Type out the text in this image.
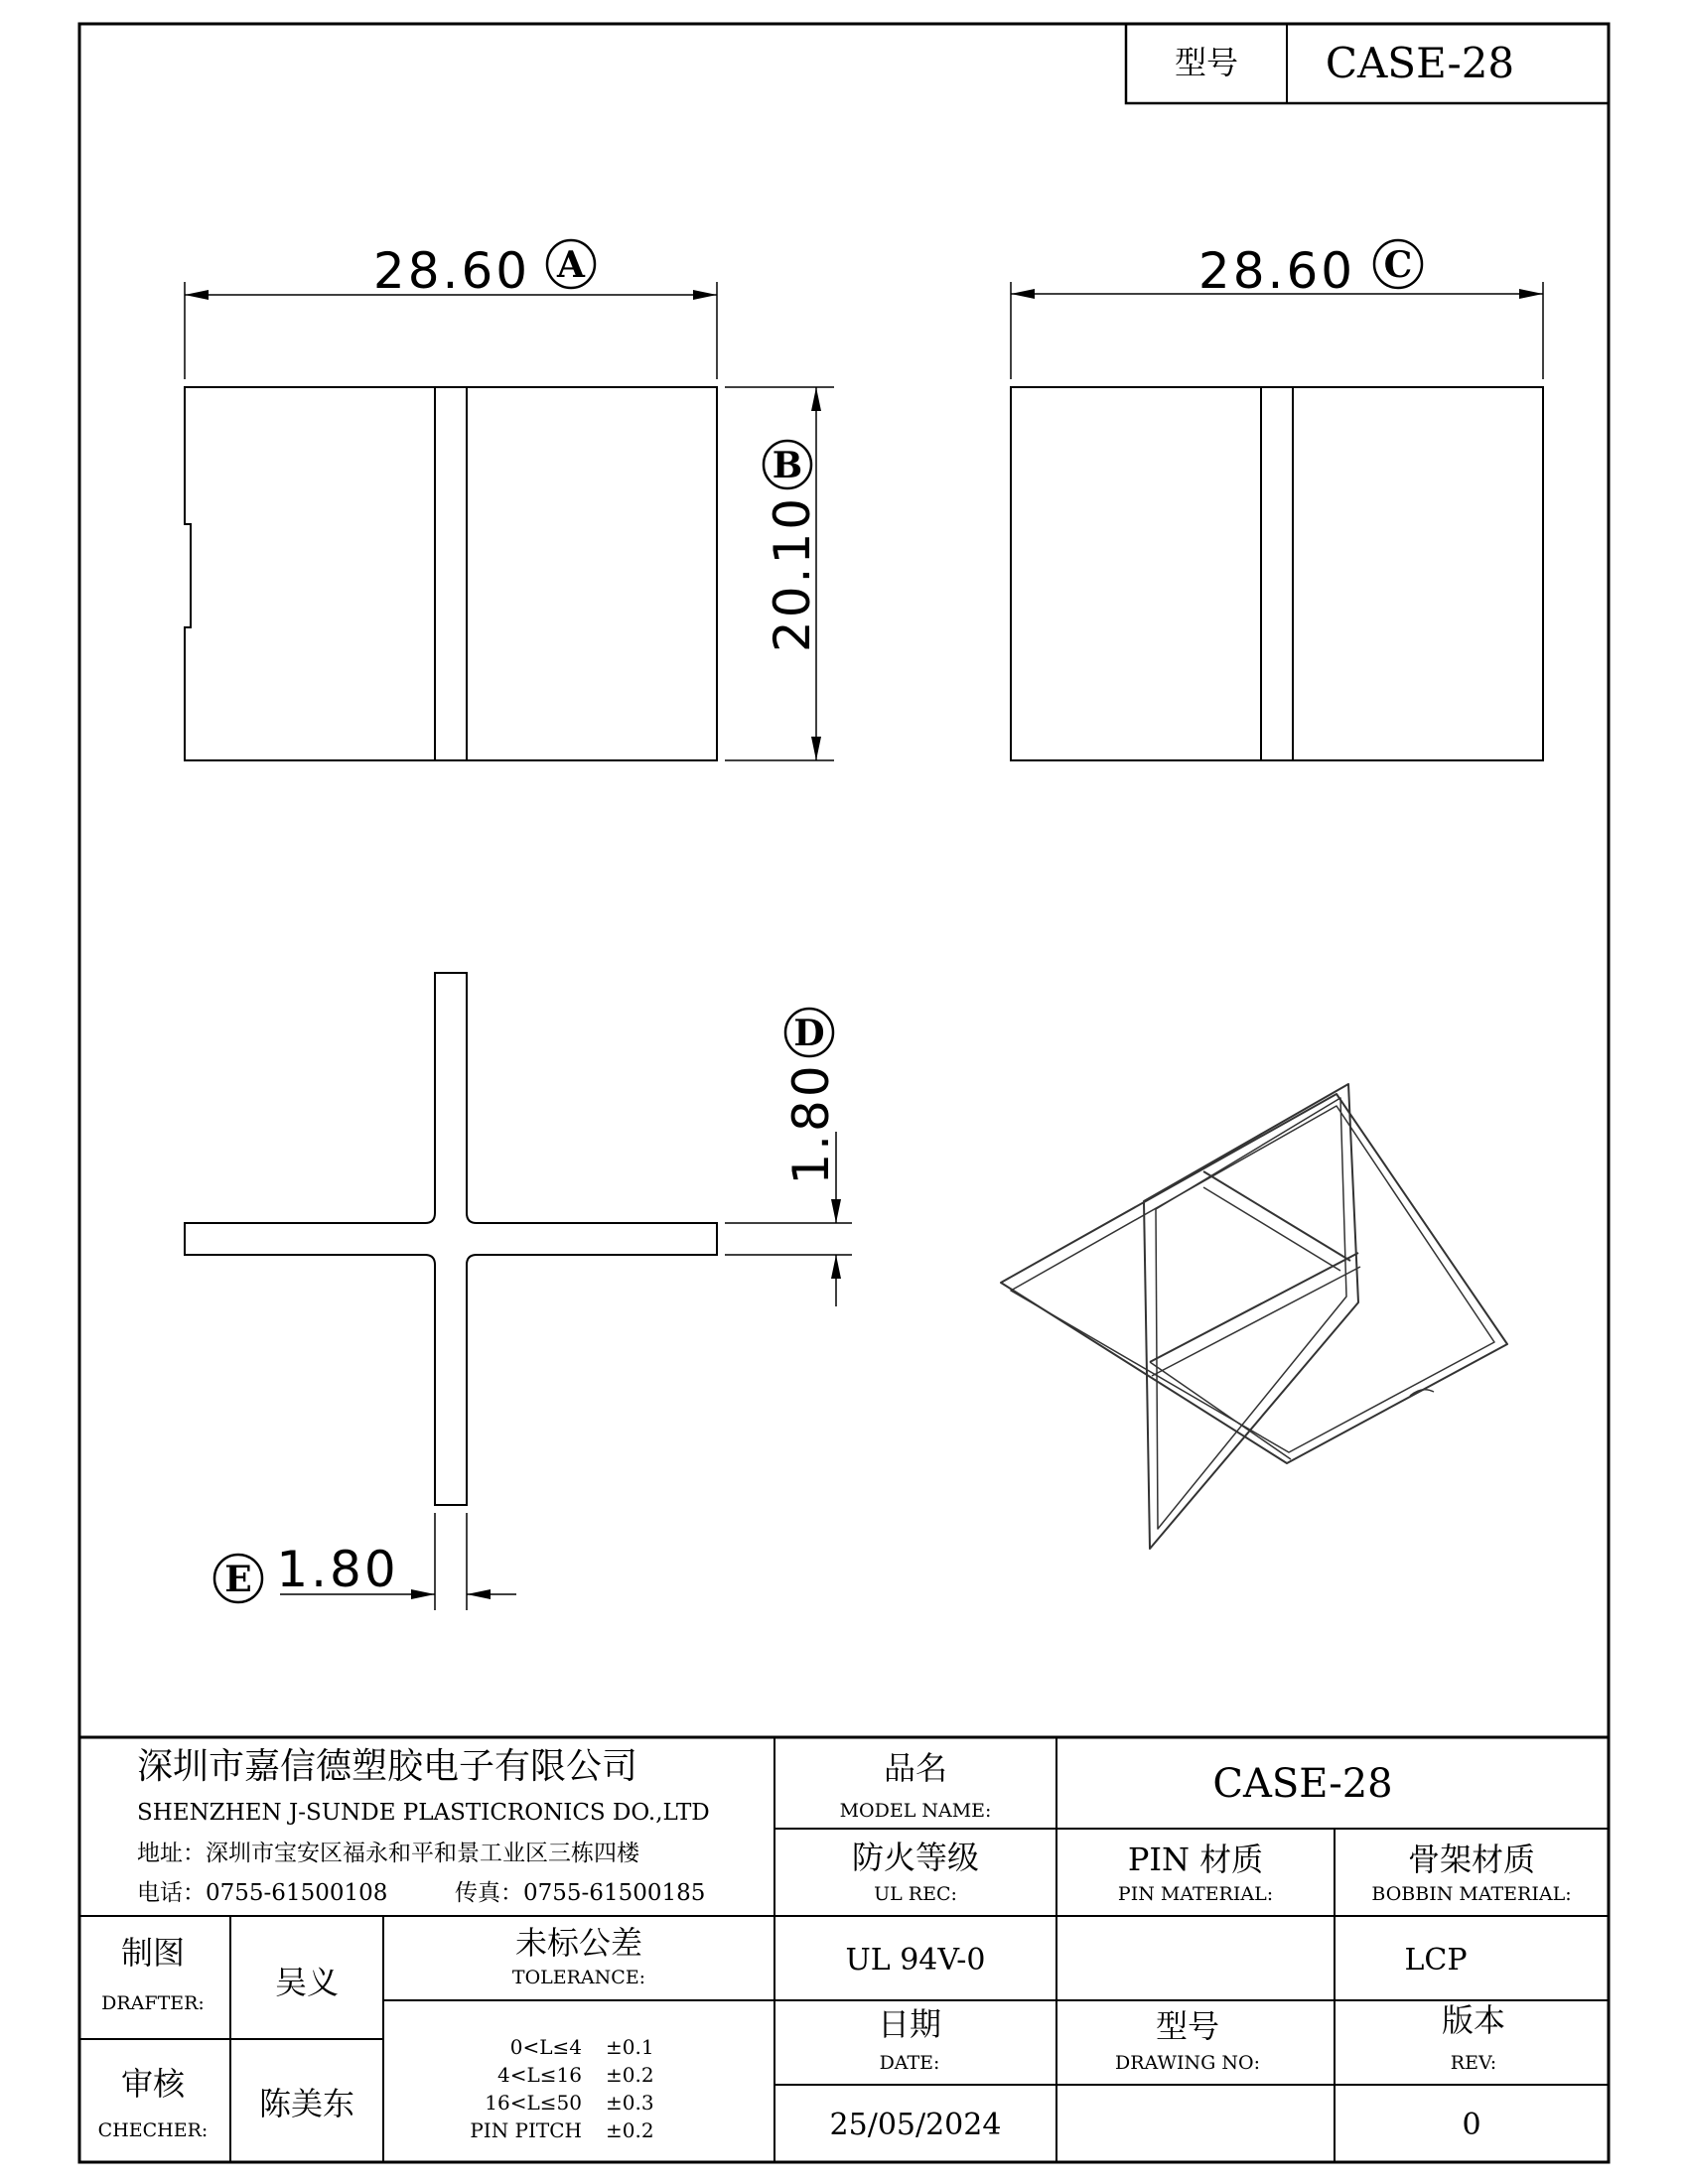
型号 CASE-28
28.60 A
B
20.10
28.60 C
D
1.80
E 1.80
深圳市嘉信德塑胶电子有限公司
SHENZHEN J-SUNDE PLASTICRONICS DO.,LTD
地址：深圳市宝安区福永和平和景工业区三栋四楼
电话：0755-61500108	传真：0755-61500185
品名
MODEL NAME:
CASE-28
防火等级
UL REC:
UL 94V-0
PIN 材质
PIN MATERIAL:
骨架材质
BOBBIN MATERIAL:
LCP
制图
DRAFTER:
吴义
审核
CHECHER:
陈美东
未标公差
TOLERANCE:
0<L≤4 ±0.1
4<L≤16 ±0.2
16<L≤50 ±0.3
PIN PITCH ±0.2
日期
DATE:
25/05/2024
型号
DRAWING NO:
版本
REV:
0
